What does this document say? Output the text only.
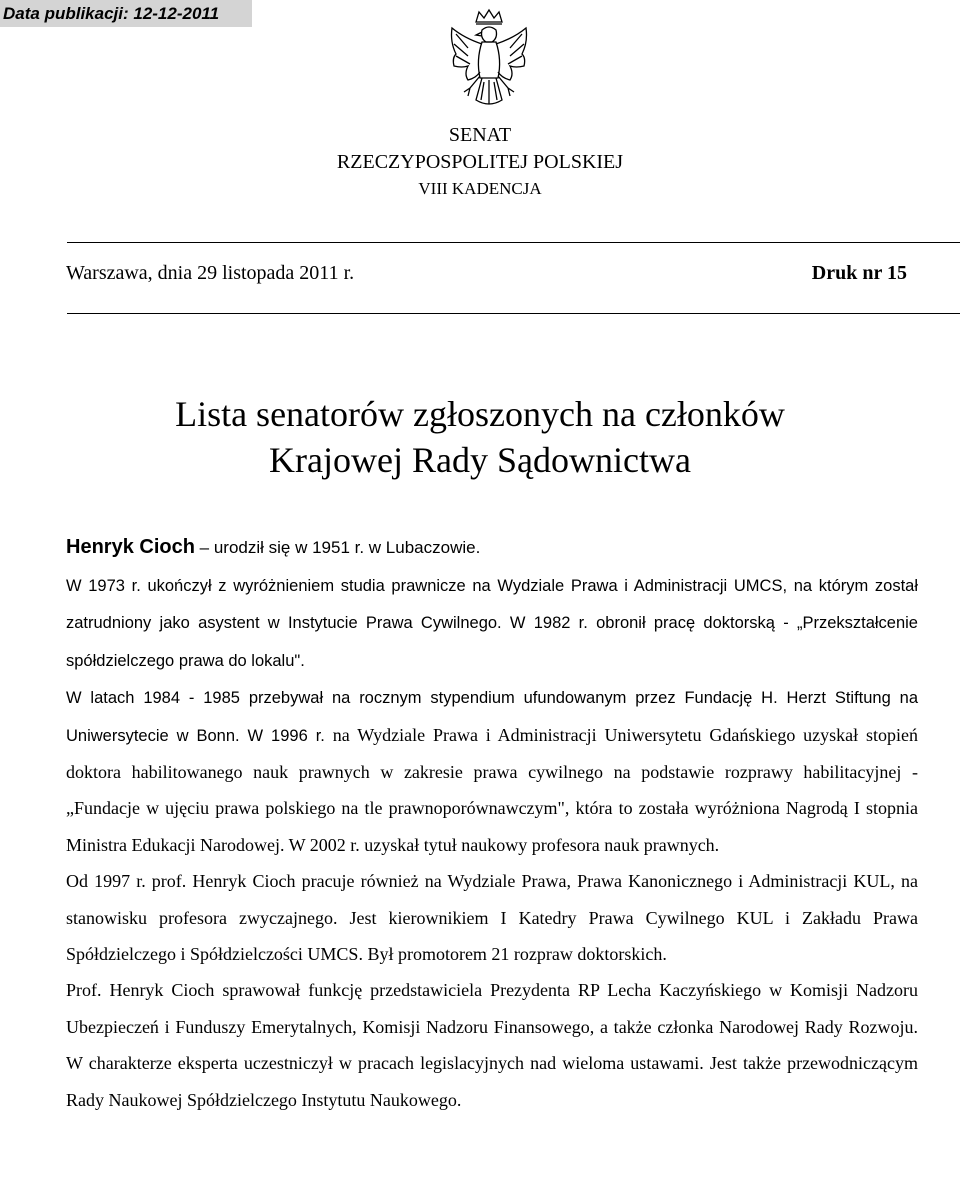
Data publikacji: 12-12-2011
SENAT
RZECZYPOSPOLITEJ POLSKIEJ
VIII KADENCJA
Warszawa, dnia 29 listopada 2011 r.	Druk nr 15
Lista senatorów zgłoszonych na członków
Krajowej Rady Sądownictwa
Henryk Cioch – urodził się w 1951 r. w Lubaczowie.

W 1973 r. ukończył z wyróżnieniem studia prawnicze na Wydziale Prawa i Administracji UMCS, na którym został zatrudniony jako asystent w Instytucie Prawa Cywilnego. W 1982 r. obronił pracę doktorską - „Przekształcenie spółdzielczego prawa do lokalu".
W latach 1984 - 1985 przebywał na rocznym stypendium ufundowanym przez Fundację H. Herzt Stiftung na Uniwersytecie w Bonn. W 1996 r. na Wydziale Prawa i Administracji Uniwersytetu Gdańskiego uzyskał stopień doktora habilitowanego nauk prawnych w zakresie prawa cywilnego na podstawie rozprawy habilitacyjnej - „Fundacje w ujęciu prawa polskiego na tle prawnoporównawczym", która to została wyróżniona Nagrodą I stopnia Ministra Edukacji Narodowej. W 2002 r. uzyskał tytuł naukowy profesora nauk prawnych.

Od 1997 r. prof. Henryk Cioch pracuje również na Wydziale Prawa, Prawa Kanonicznego i Administracji KUL, na stanowisku profesora zwyczajnego. Jest kierownikiem I Katedry Prawa Cywilnego KUL i Zakładu Prawa Spółdzielczego i Spółdzielczości UMCS. Był promotorem 21 rozpraw doktorskich.

Prof. Henryk Cioch sprawował funkcję przedstawiciela Prezydenta RP Lecha Kaczyńskiego w Komisji Nadzoru Ubezpieczeń i Funduszy Emerytalnych, Komisji Nadzoru Finansowego, a także członka Narodowej Rady Rozwoju. W charakterze eksperta uczestniczył w pracach legislacyjnych nad wieloma ustawami. Jest także przewodniczącym Rady Naukowej Spółdzielczego Instytutu Naukowego.
